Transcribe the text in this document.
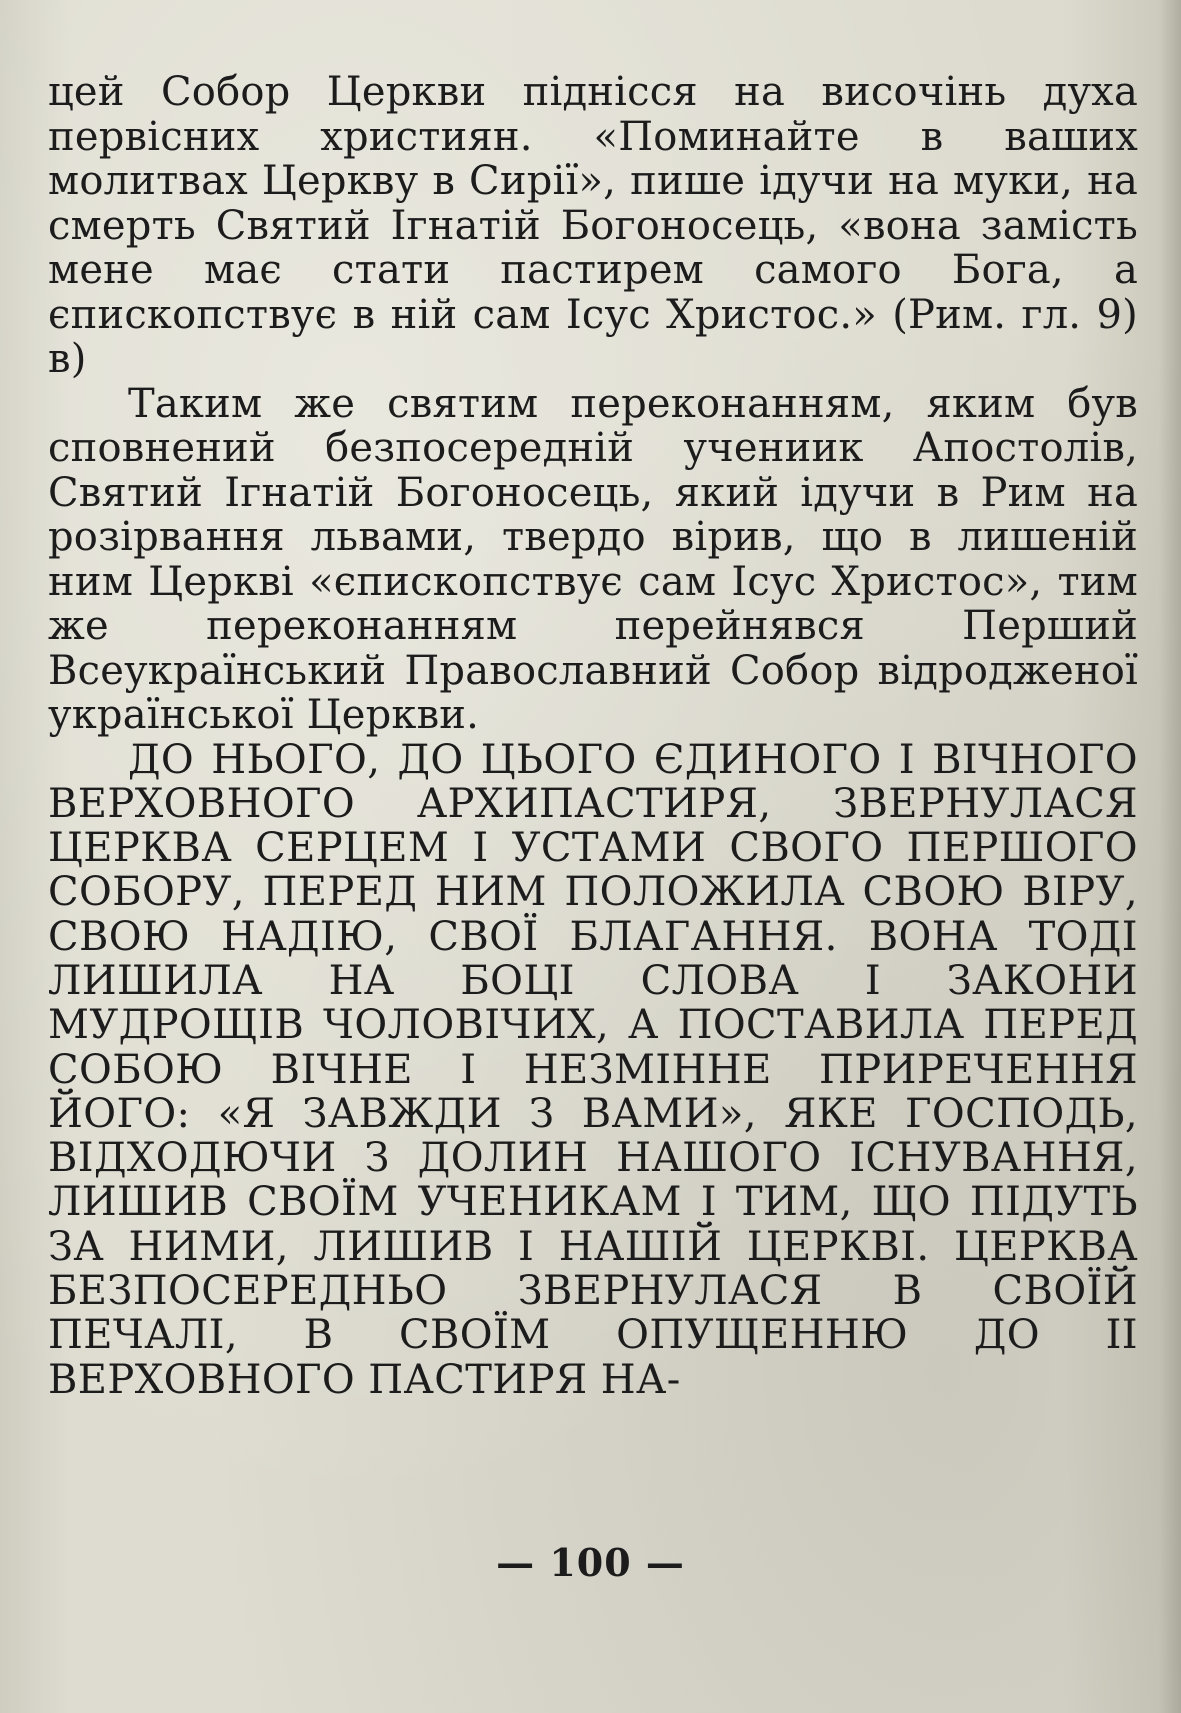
цей Собор Церкви піднісся на височінь духа первісних християн. «Поминайте в ваших молитвах Церкву в Сирії», пише ідучи на муки, на смерть Святий Ігнатій Богоносець, «вона замість мене має стати пастирем самого Бога, а єпископствує в ній сам Ісус Христос.» (Рим. гл. 9) в)

Таким же святим переконанням, яким був сповнений безпосередній учениик Апостолів, Святий Ігнатій Богоносець, який ідучи в Рим на розірвання львами, твердо вірив, що в лишеній ним Церкві «єпископствує сам Ісус Христос», тим же переконанням перейнявся Перший Всеукраїнський Православний Собор відродженої української Церкви.

ДО НЬОГО, ДО ЦЬОГО ЄДИНОГО І ВІЧНОГО ВЕРХОВНОГО АРХИПАСТИРЯ, ЗВЕРНУЛАСЯ ЦЕРКВА СЕРЦЕМ І УСТАМИ СВОГО ПЕРШОГО СОБОРУ, ПЕРЕД НИМ ПОЛОЖИЛА СВОЮ ВІРУ, СВОЮ НАДІЮ, СВОЇ БЛАГАННЯ. ВОНА ТОДІ ЛИШИЛА НА БОЦІ СЛОВА І ЗАКОНИ МУДРОЩІВ ЧОЛОВІЧИХ, А ПОСТАВИЛА ПЕРЕД СОБОЮ ВІЧНЕ І НЕЗМІННЕ ПРИРЕЧЕННЯ ЙОГО: «Я ЗАВЖДИ З ВАМИ», ЯКЕ ГОСПОДЬ, ВІДХОДЮЧИ З ДОЛИН НАШОГО ІСНУВАННЯ, ЛИШИВ СВОЇМ УЧЕНИКАМ І ТИМ, ЩО ПІДУТЬ ЗА НИМИ, ЛИШИВ І НАШІЙ ЦЕРКВІ. ЦЕРКВА БЕЗПОСЕРЕДНЬО ЗВЕРНУЛАСЯ В СВОЇЙ ПЕЧАЛІ, В СВОЇМ ОПУЩЕННЮ ДО ІІ ВЕРХОВНОГО ПАСТИРЯ НА-

— 100 —
